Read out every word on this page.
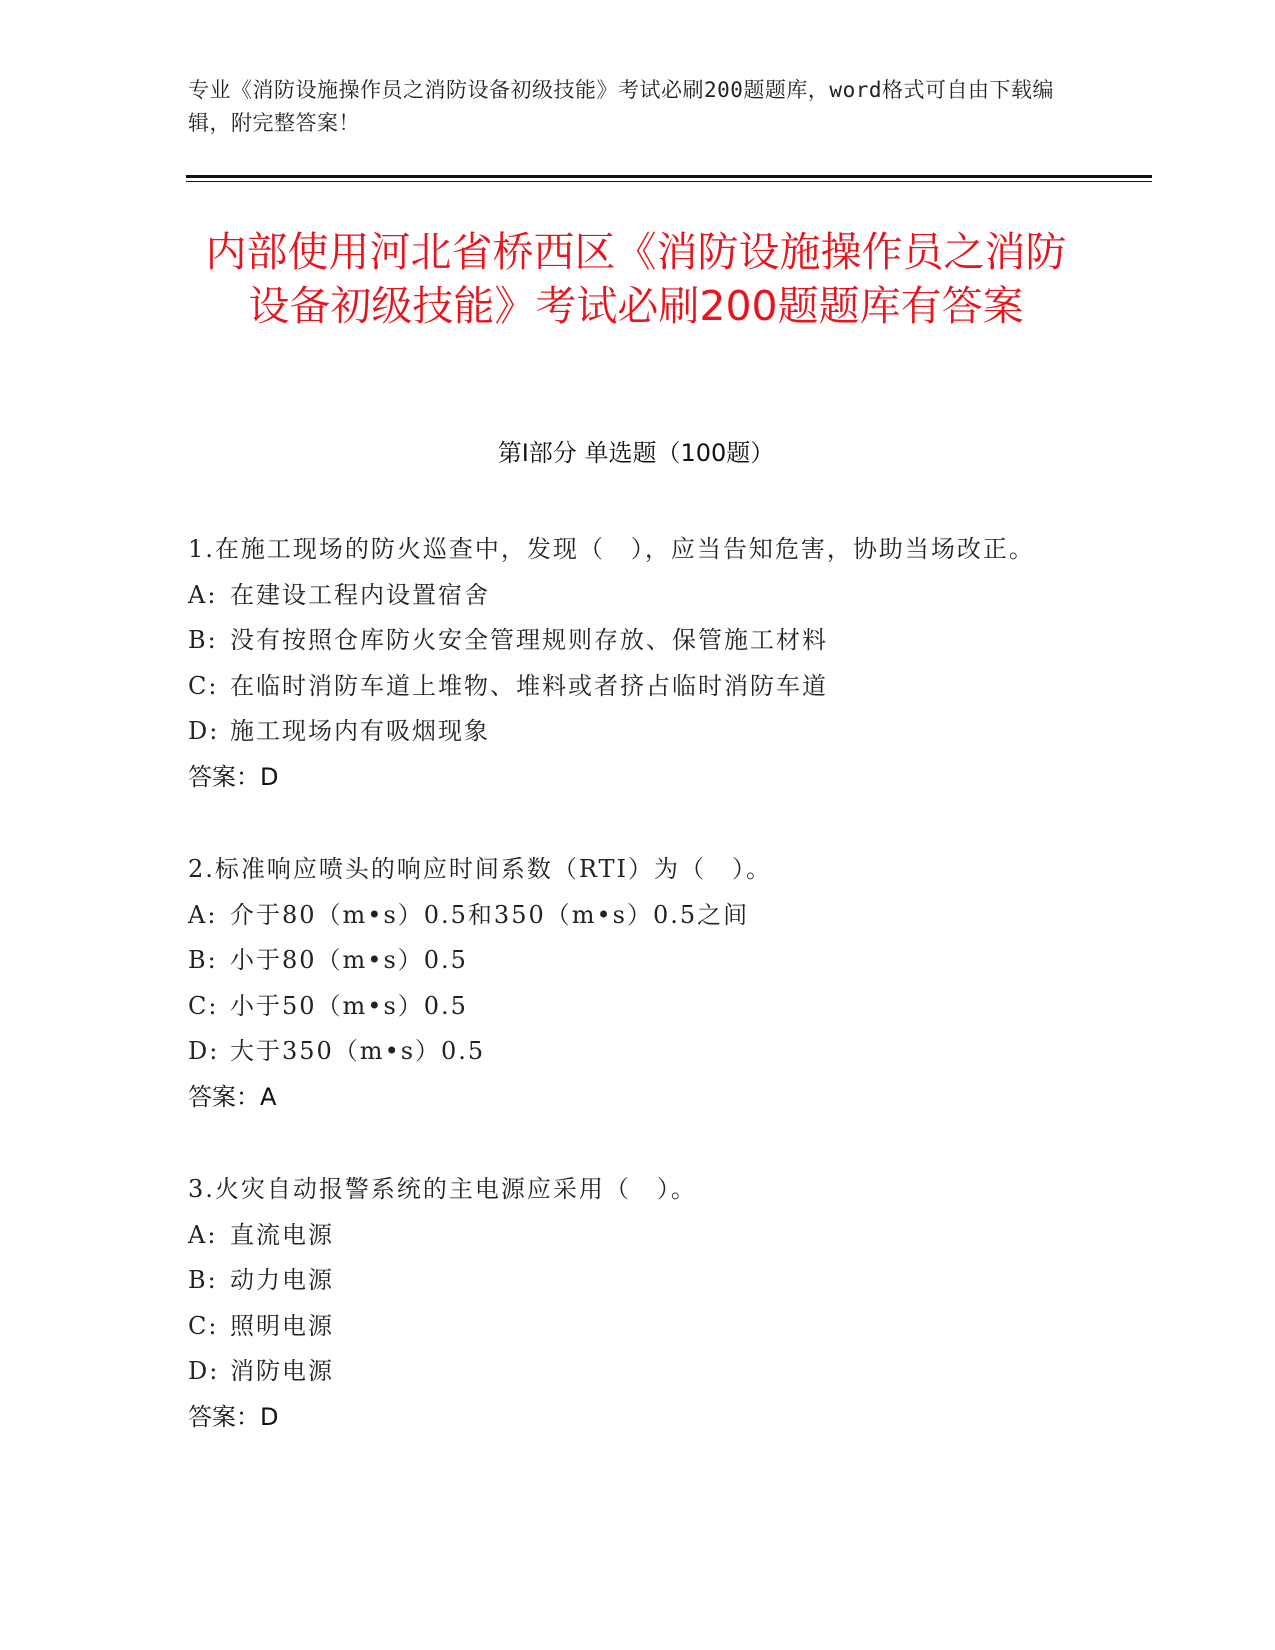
专业《消防设施操作员之消防设备初级技能》考试必刷200题题库，word格式可自由下载编辑，附完整答案！

内部使用河北省桥西区《消防设施操作员之消防设备初级技能》考试必刷200题题库有答案
第I部分 单选题（100题）

1.在施工现场的防火巡查中，发现（　），应当告知危害，协助当场改正。

A: 在建设工程内设置宿舍

B: 没有按照仓库防火安全管理规则存放、保管施工材料

C: 在临时消防车道上堆物、堆料或者挤占临时消防车道

D: 施工现场内有吸烟现象

答案：D

2.标准响应喷头的响应时间系数（RTI）为（　）。

A: 介于80（m•s）0.5和350（m•s）0.5之间

B: 小于80（m•s）0.5

C: 小于50（m•s）0.5

D: 大于350（m•s）0.5

答案：A

3.火灾自动报警系统的主电源应采用（　）。

A: 直流电源

B: 动力电源

C: 照明电源

D: 消防电源

答案：D
